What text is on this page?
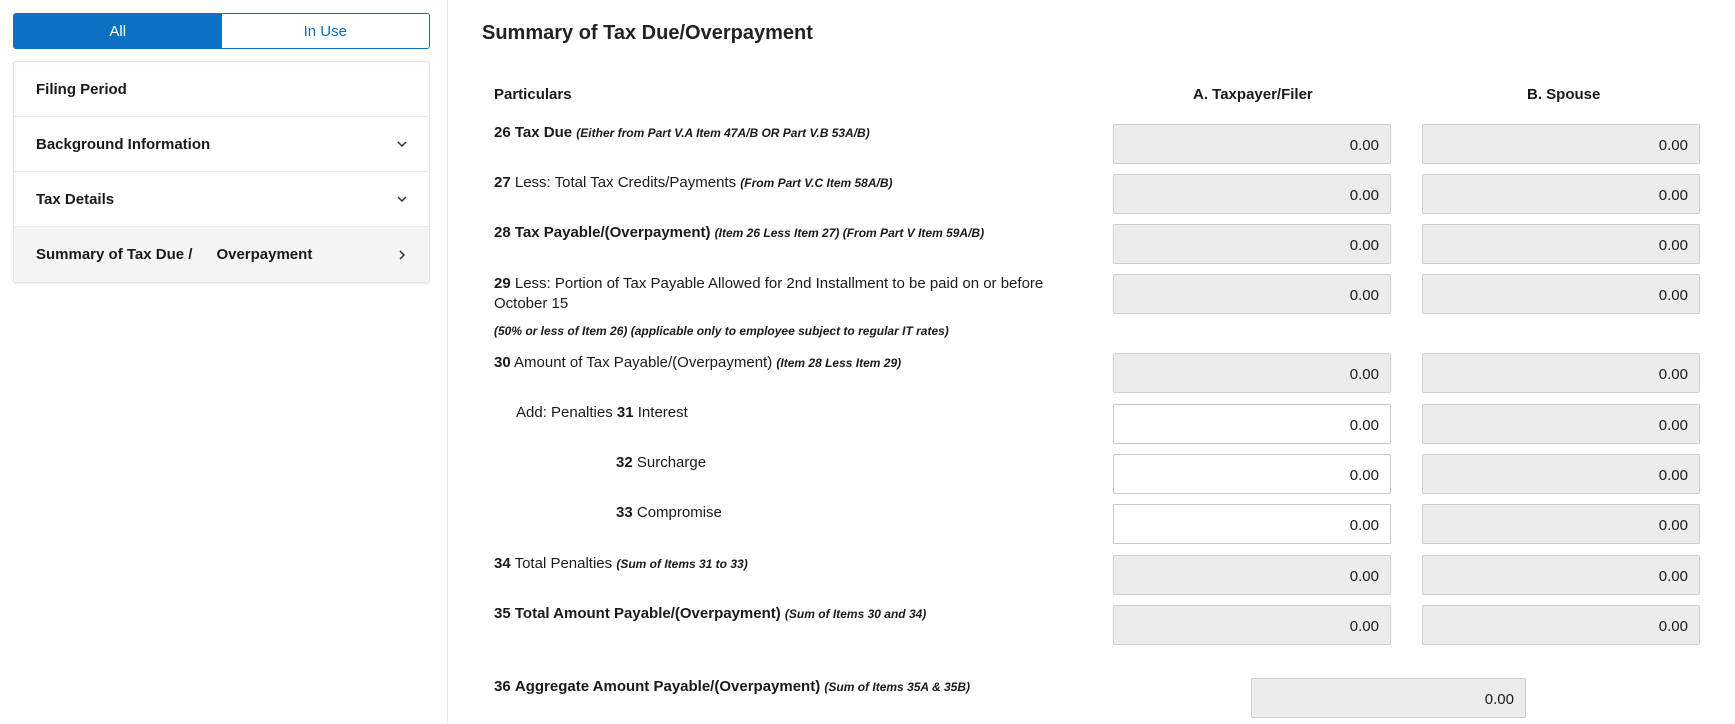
All	In Use
Filing Period
Background Information
Tax Details
Summary of Tax Due / Overpayment
Summary of Tax Due/Overpayment
Particulars	A. Taxpayer/Filer	B. Spouse
26 Tax Due (Either from Part V.A Item 47A/B OR Part V.B 53A/B)
0.00	0.00
27 Less: Total Tax Credits/Payments (From Part V.C Item 58A/B)
0.00	0.00
28 Tax Payable/(Overpayment) (Item 26 Less Item 27) (From Part V Item 59A/B)
0.00	0.00
29 Less: Portion of Tax Payable Allowed for 2nd Installment to be paid on or before
October 15
(50% or less of Item 26) (applicable only to employee subject to regular IT rates)
0.00	0.00
30 Amount of Tax Payable/(Overpayment) (Item 28 Less Item 29)
0.00	0.00
Add: Penalties 31 Interest
0.00	0.00
32 Surcharge
0.00	0.00
33 Compromise
0.00	0.00
34 Total Penalties (Sum of Items 31 to 33)
0.00	0.00
35 Total Amount Payable/(Overpayment) (Sum of Items 30 and 34)
0.00	0.00
36 Aggregate Amount Payable/(Overpayment) (Sum of Items 35A & 35B)
0.00
